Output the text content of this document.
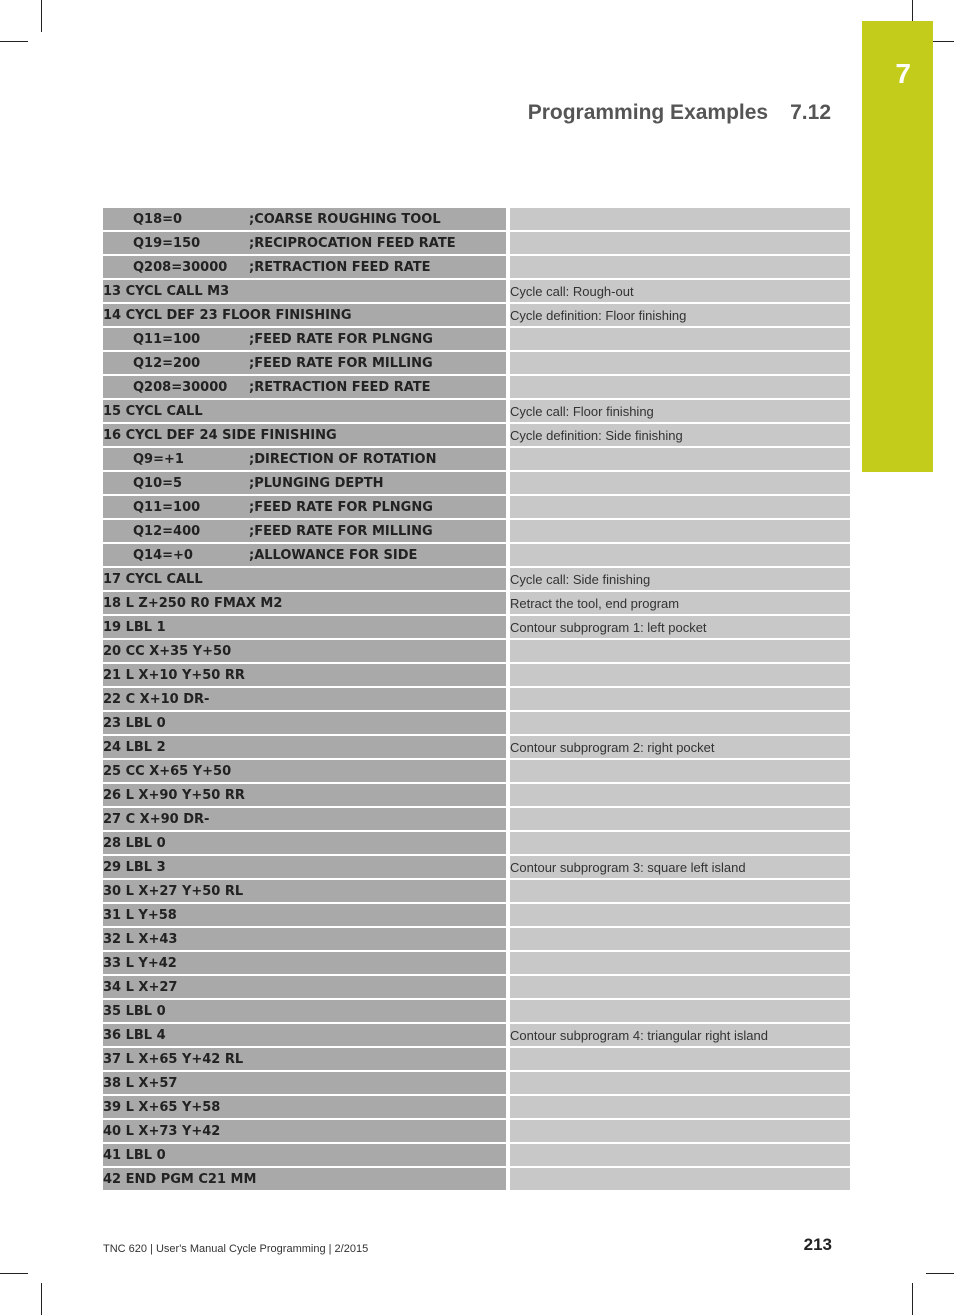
7
Programming Examples 7.12
Q18=0 ;COARSE ROUGHING TOOL		
Q19=150 ;RECIPROCATION FEED RATE		
Q208=30000 ;RETRACTION FEED RATE		
13 CYCL CALL M3		Cycle call: Rough-out
14 CYCL DEF 23 FLOOR FINISHING		Cycle definition: Floor finishing
Q11=100 ;FEED RATE FOR PLNGNG		
Q12=200 ;FEED RATE FOR MILLING		
Q208=30000 ;RETRACTION FEED RATE		
15 CYCL CALL		Cycle call: Floor finishing
16 CYCL DEF 24 SIDE FINISHING		Cycle definition: Side finishing
Q9=+1 ;DIRECTION OF ROTATION		
Q10=5 ;PLUNGING DEPTH		
Q11=100 ;FEED RATE FOR PLNGNG		
Q12=400 ;FEED RATE FOR MILLING		
Q14=+0 ;ALLOWANCE FOR SIDE		
17 CYCL CALL		Cycle call: Side finishing
18 L Z+250 R0 FMAX M2		Retract the tool, end program
19 LBL 1		Contour subprogram 1: left pocket
20 CC X+35 Y+50		
21 L X+10 Y+50 RR		
22 C X+10 DR-		
23 LBL 0		
24 LBL 2		Contour subprogram 2: right pocket
25 CC X+65 Y+50		
26 L X+90 Y+50 RR		
27 C X+90 DR-		
28 LBL 0		
29 LBL 3		Contour subprogram 3: square left island
30 L X+27 Y+50 RL		
31 L Y+58		
32 L X+43		
33 L Y+42		
34 L X+27		
35 LBL 0		
36 LBL 4		Contour subprogram 4: triangular right island
37 L X+65 Y+42 RL		
38 L X+57		
39 L X+65 Y+58		
40 L X+73 Y+42		
41 LBL 0		
42 END PGM C21 MM		
TNC 620 | User's Manual Cycle Programming | 2/2015	213
